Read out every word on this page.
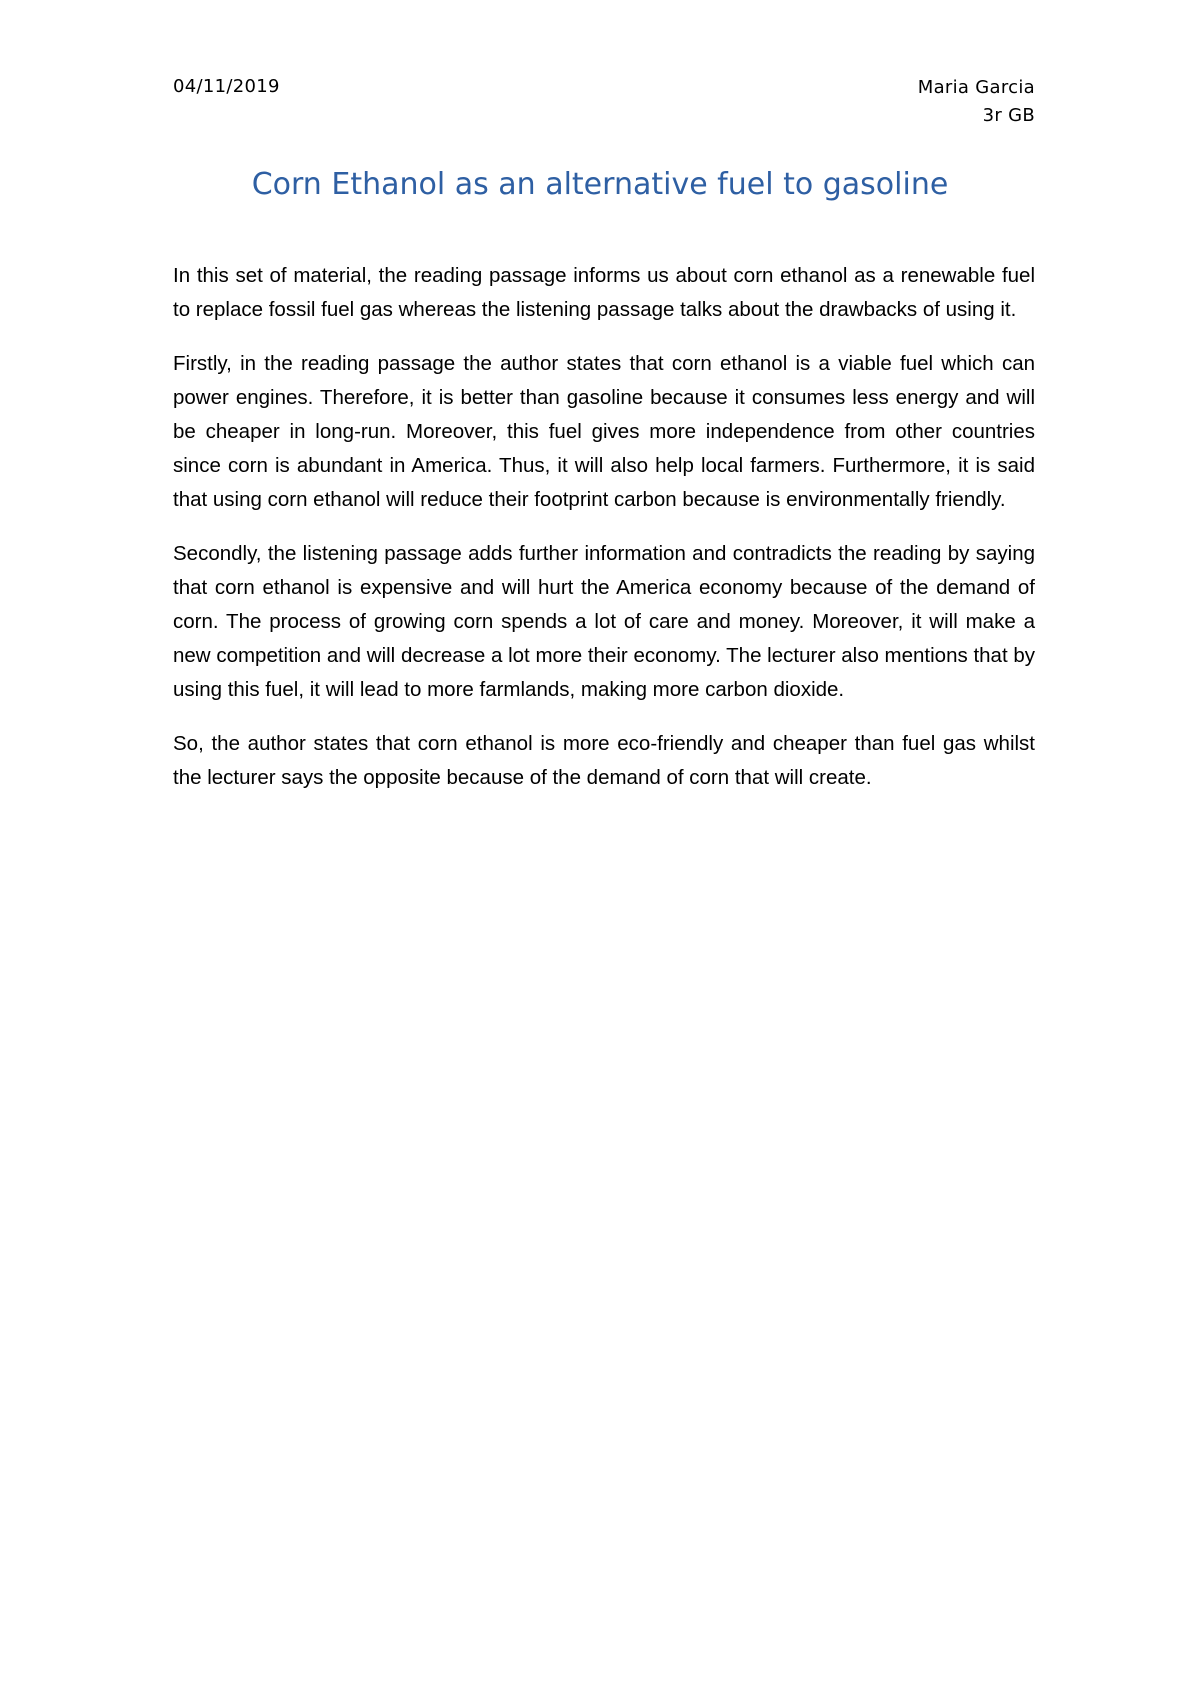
04/11/2019	Maria Garcia
3r GB
Corn Ethanol as an alternative fuel to gasoline

In this set of material, the reading passage informs us about corn ethanol as a renewable fuel to replace fossil fuel gas whereas the listening passage talks about the drawbacks of using it.

Firstly, in the reading passage the author states that corn ethanol is a viable fuel which can power engines. Therefore, it is better than gasoline because it consumes less energy and will be cheaper in long-run. Moreover, this fuel gives more independence from other countries since corn is abundant in America. Thus, it will also help local farmers. Furthermore, it is said that using corn ethanol will reduce their footprint carbon because is environmentally friendly.

Secondly, the listening passage adds further information and contradicts the reading by saying that corn ethanol is expensive and will hurt the America economy because of the demand of corn. The process of growing corn spends a lot of care and money. Moreover, it will make a new competition and will decrease a lot more their economy. The lecturer also mentions that by using this fuel, it will lead to more farmlands, making more carbon dioxide.

So, the author states that corn ethanol is more eco-friendly and cheaper than fuel gas whilst the lecturer says the opposite because of the demand of corn that will create.
